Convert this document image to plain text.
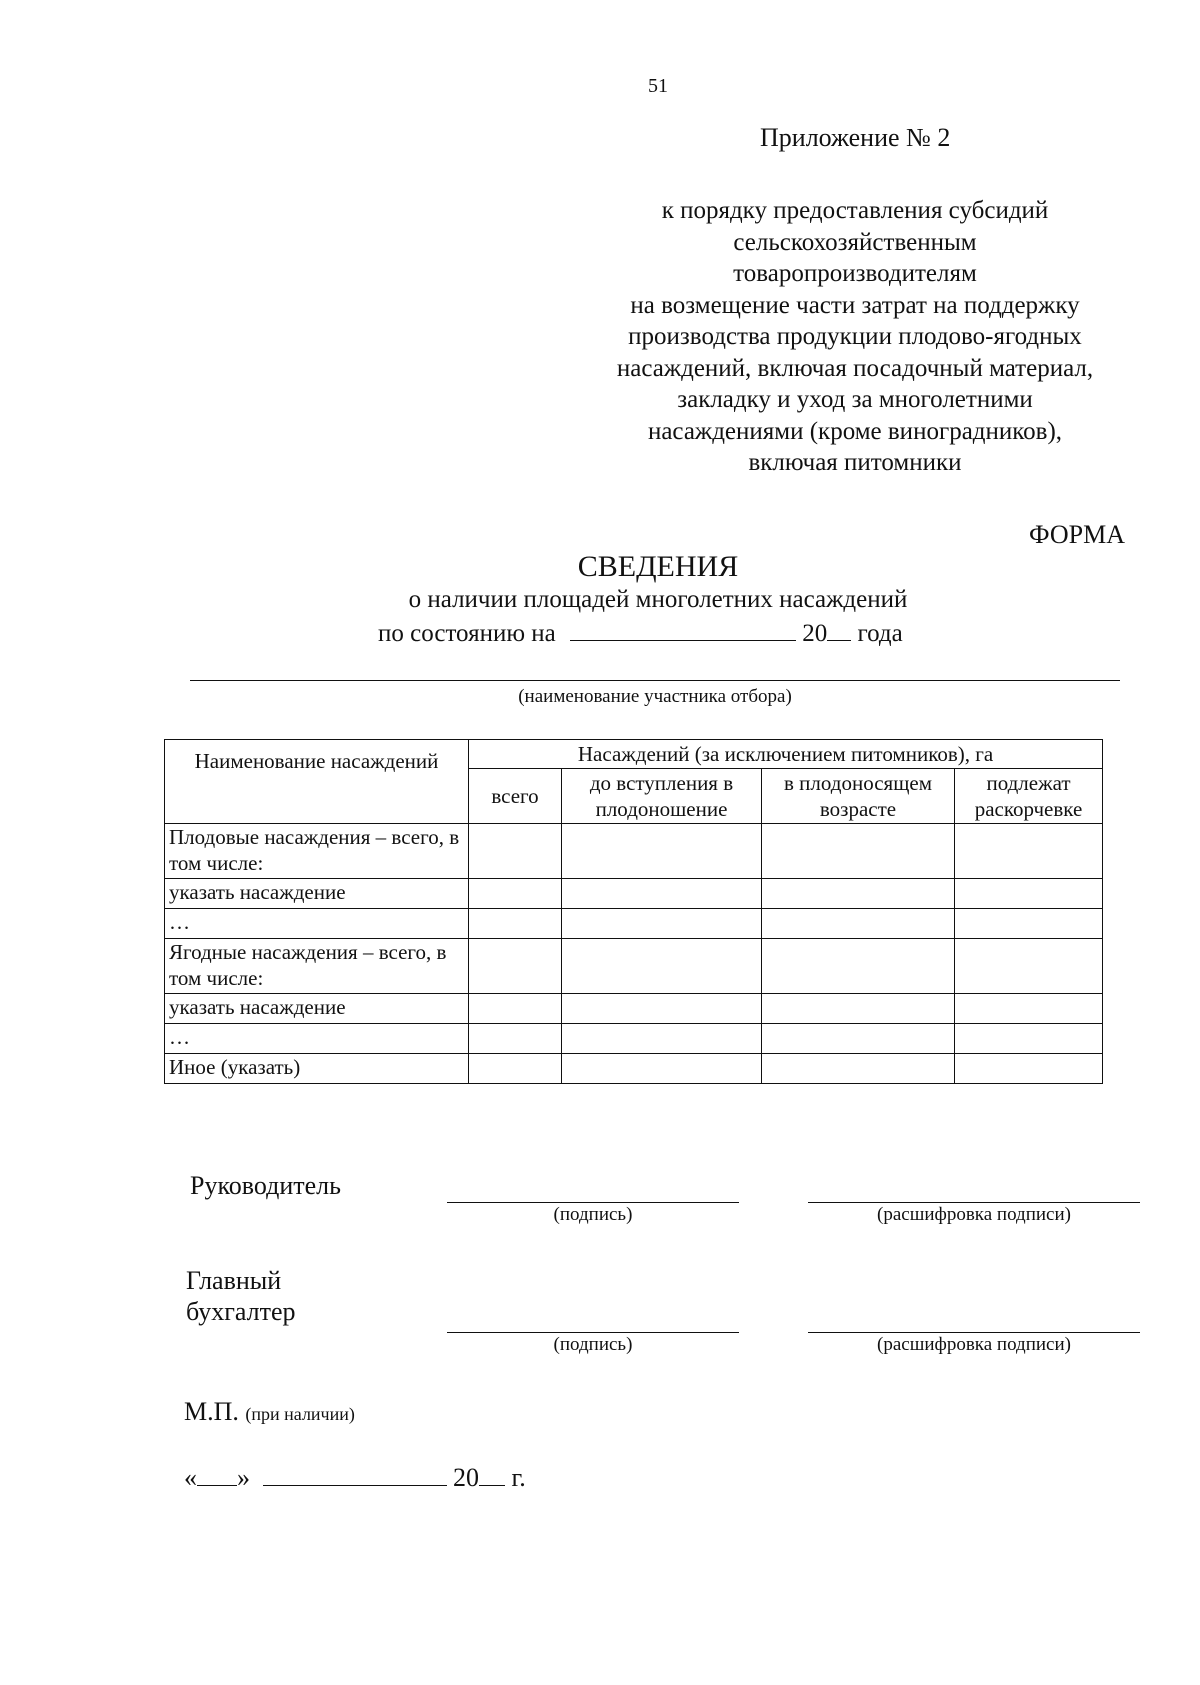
51
Приложение № 2
к порядку предоставления субсидий
сельскохозяйственным
товаропроизводителям
на возмещение части затрат на поддержку
производства продукции плодово-ягодных
насаждений, включая посадочный материал,
закладку и уход за многолетними
насаждениями (кроме виноградников),
включая питомники
ФОРМА
СВЕДЕНИЯ
о наличии площадей многолетних насаждений
по состоянию на	20 года
(наименование участника отбора)
Наименование насаждений	Насаждений (за исключением питомников), га			
	всего	до вступления в плодоношение	в плодоносящем возрасте	подлежат раскорчевке
Плодовые насаждения – всего, в том числе:				
указать насаждение				
…				
Ягодные насаждения – всего, в том числе:				
указать насаждение				
…				
Иное (указать)				
Руководитель
(подпись)	(расшифровка подписи)
Главный бухгалтер
(подпись)	(расшифровка подписи)
М.П. (при наличии)
« »	20 г.
